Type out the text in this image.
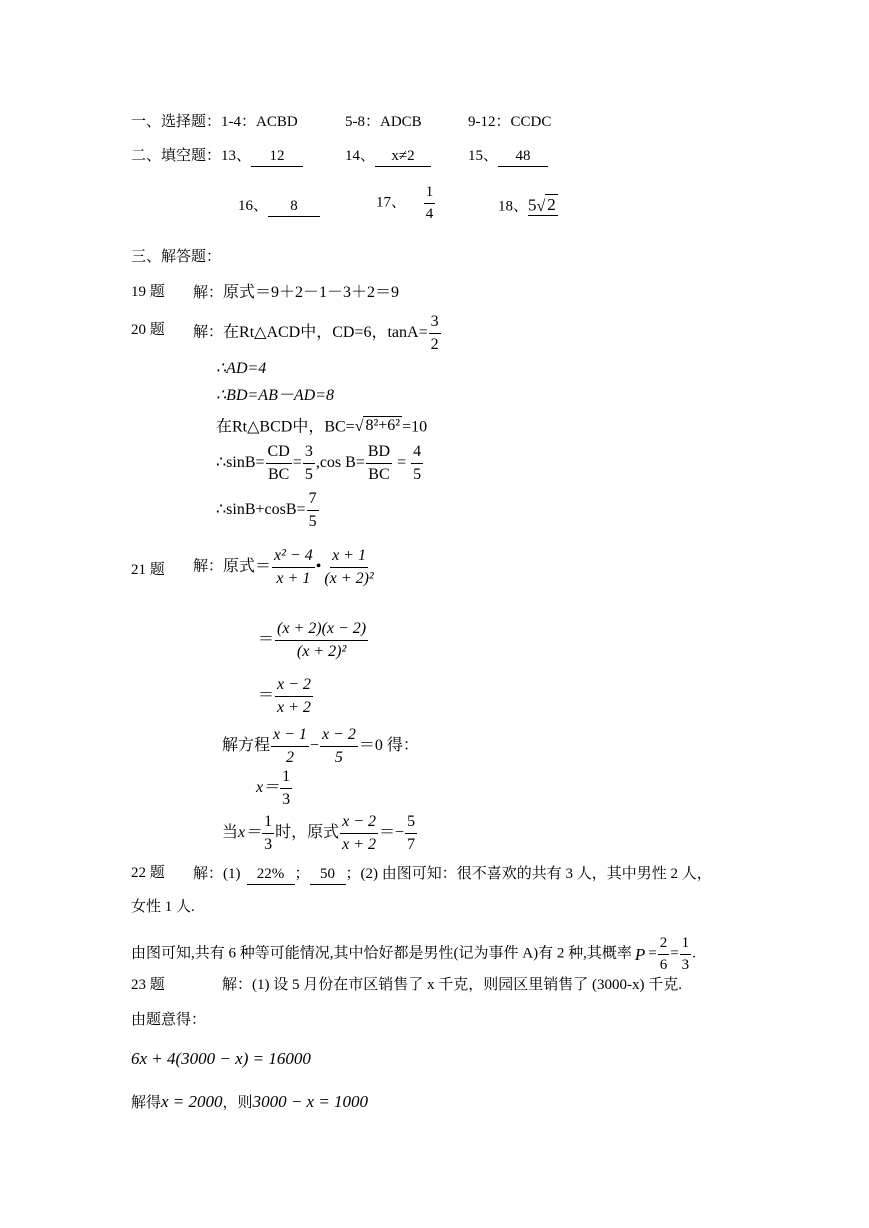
一、选择题：1-4：ACBD	5-8：ADCB	9-12：CCDC
二、填空题：13、 12	14、 x≠2	15、 48
16、 8	17、 $\frac{1}{4}$	18、5 √ 2
三、解答题：
19 题 解：原式＝9＋2－1－3＋2＝9
20 题 解：在Rt△ACD中，CD=6，$\tan A= \frac{3}{2}$
∴AD=4
∴BD=AB－AD=8
在Rt△BCD中，BC= √ 8²+6² =10
∴sinB= $\frac{CD}{BC} = \frac{3}{5} ,\cos$ $B= \frac{BD}{BC} = \frac{4}{5}$
∴sinB+cosB= $\frac{7}{5}$
21 题 解：原式＝ $\frac{\text{x² − 4}}{x + 1}$ • $\frac{x + 1}{\text{(x + 2)²}}$
＝ $\frac{(x + 2)(x - 2)}{\text{(x + 2)²}}$
＝ $\frac{x - 2}{x + 2}$
解方程 $\frac{x - 1}{2} - \frac{x - 2}{5} =0$ 得：
$x= \frac{1}{3}$
当$x= \frac{1}{3}$ 时，原式 $\frac{x - 2}{x + 2} =- \frac{5}{7}$
22 题 解：(1) 22% ； 50 ；(2) 由图可知：很不喜欢的共有 3 人，其中男性 2 人，
女性 1 人.
由图可知,共有 6 种等可能情况,其中恰好都是男性(记为事件 A)有 2 种,其概率 $P = \frac{2}{6} = \frac{1}{3}$ .
23 题	解：(1) 设 5 月份在市区销售了 x 千克，则园区里销售了 (3000-x) 千克.
由题意得：
6x + 4(3000 − x) = 16000
解得x = 2000，则3000 − x = 1000
